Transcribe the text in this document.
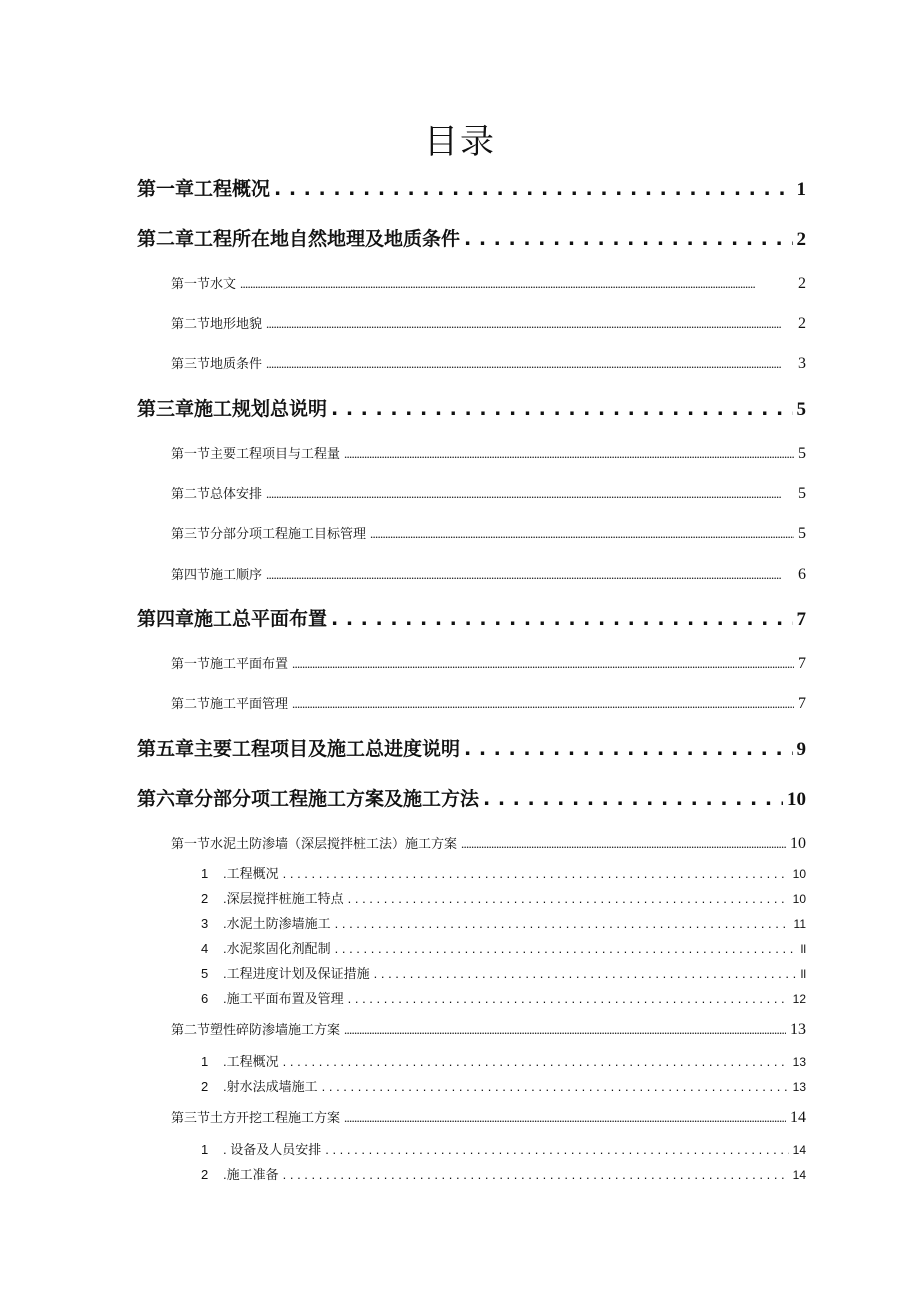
目录
第一章工程概况 . . .	1
第二章工程所在地自然地理及地质条件 . . .	2
第一节水文 . . .	2
第二节地形地貌 . . .	2
第三节地质条件 . . .	3
第三章施工规划总说明 . . .	5
第一节主要工程项目与工程量 . . .	5
第二节总体安排 . . .	5
第三节分部分项工程施工目标管理 . . .	5
第四节施工顺序 . . .	6
第四章施工总平面布置 . . .	7
第一节施工平面布置 . . .	7
第二节施工平面管理 . . .	7
第五章主要工程项目及施工总进度说明 . . .	9
第六章分部分项工程施工方案及施工方法 . . .	10
第一节水泥土防渗墙（深层搅拌桩工法）施工方案 . . .	10
1 .工程概况 . . .	10
2 .深层搅拌桩施工特点 . . .	10
3 .水泥土防渗墙施工 . . .	11
4 .水泥浆固化剂配制 . . .	ll
5 .工程进度计划及保证措施 . . .	ll
6 .施工平面布置及管理 . . .	12
第二节塑性碎防渗墙施工方案 . . .	13
1 .工程概况 . . .	13
2 .射水法成墙施工 . . .	13
第三节土方开挖工程施工方案 . . .	14
1 . 设备及人员安排 . . .	14
2 .施工准备 . . .	14
